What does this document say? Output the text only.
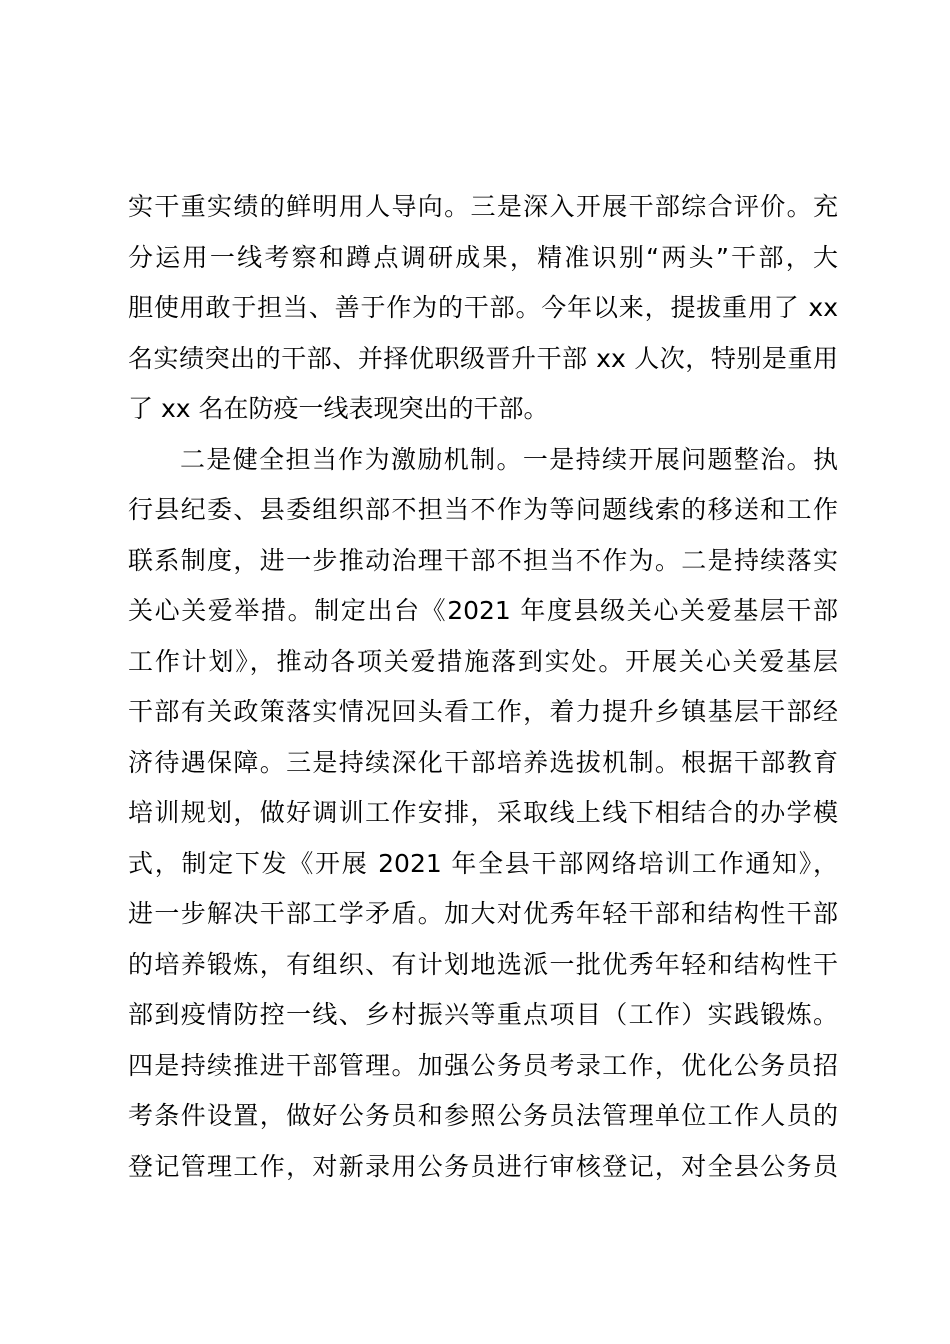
实干重实绩的鲜明用人导向。三是深入开展干部综合评价。充
分运用一线考察和蹲点调研成果，精准识别“两头”干部，大
胆使用敢于担当、善于作为的干部。今年以来，提拔重用了 xx
名实绩突出的干部、并择优职级晋升干部 xx 人次，特别是重用
了 xx 名在防疫一线表现突出的干部。
二是健全担当作为激励机制。一是持续开展问题整治。执
行县纪委、县委组织部不担当不作为等问题线索的移送和工作
联系制度，进一步推动治理干部不担当不作为。二是持续落实
关心关爱举措。制定出台《2021 年度县级关心关爱基层干部
工作计划》，推动各项关爱措施落到实处。开展关心关爱基层
干部有关政策落实情况回头看工作，着力提升乡镇基层干部经
济待遇保障。三是持续深化干部培养选拔机制。根据干部教育
培训规划，做好调训工作安排，采取线上线下相结合的办学模
式，制定下发《开展 2021 年全县干部网络培训工作通知》，
进一步解决干部工学矛盾。加大对优秀年轻干部和结构性干部
的培养锻炼，有组织、有计划地选派一批优秀年轻和结构性干
部到疫情防控一线、乡村振兴等重点项目（工作）实践锻炼。
四是持续推进干部管理。加强公务员考录工作，优化公务员招
考条件设置，做好公务员和参照公务员法管理单位工作人员的
登记管理工作，对新录用公务员进行审核登记，对全县公务员
